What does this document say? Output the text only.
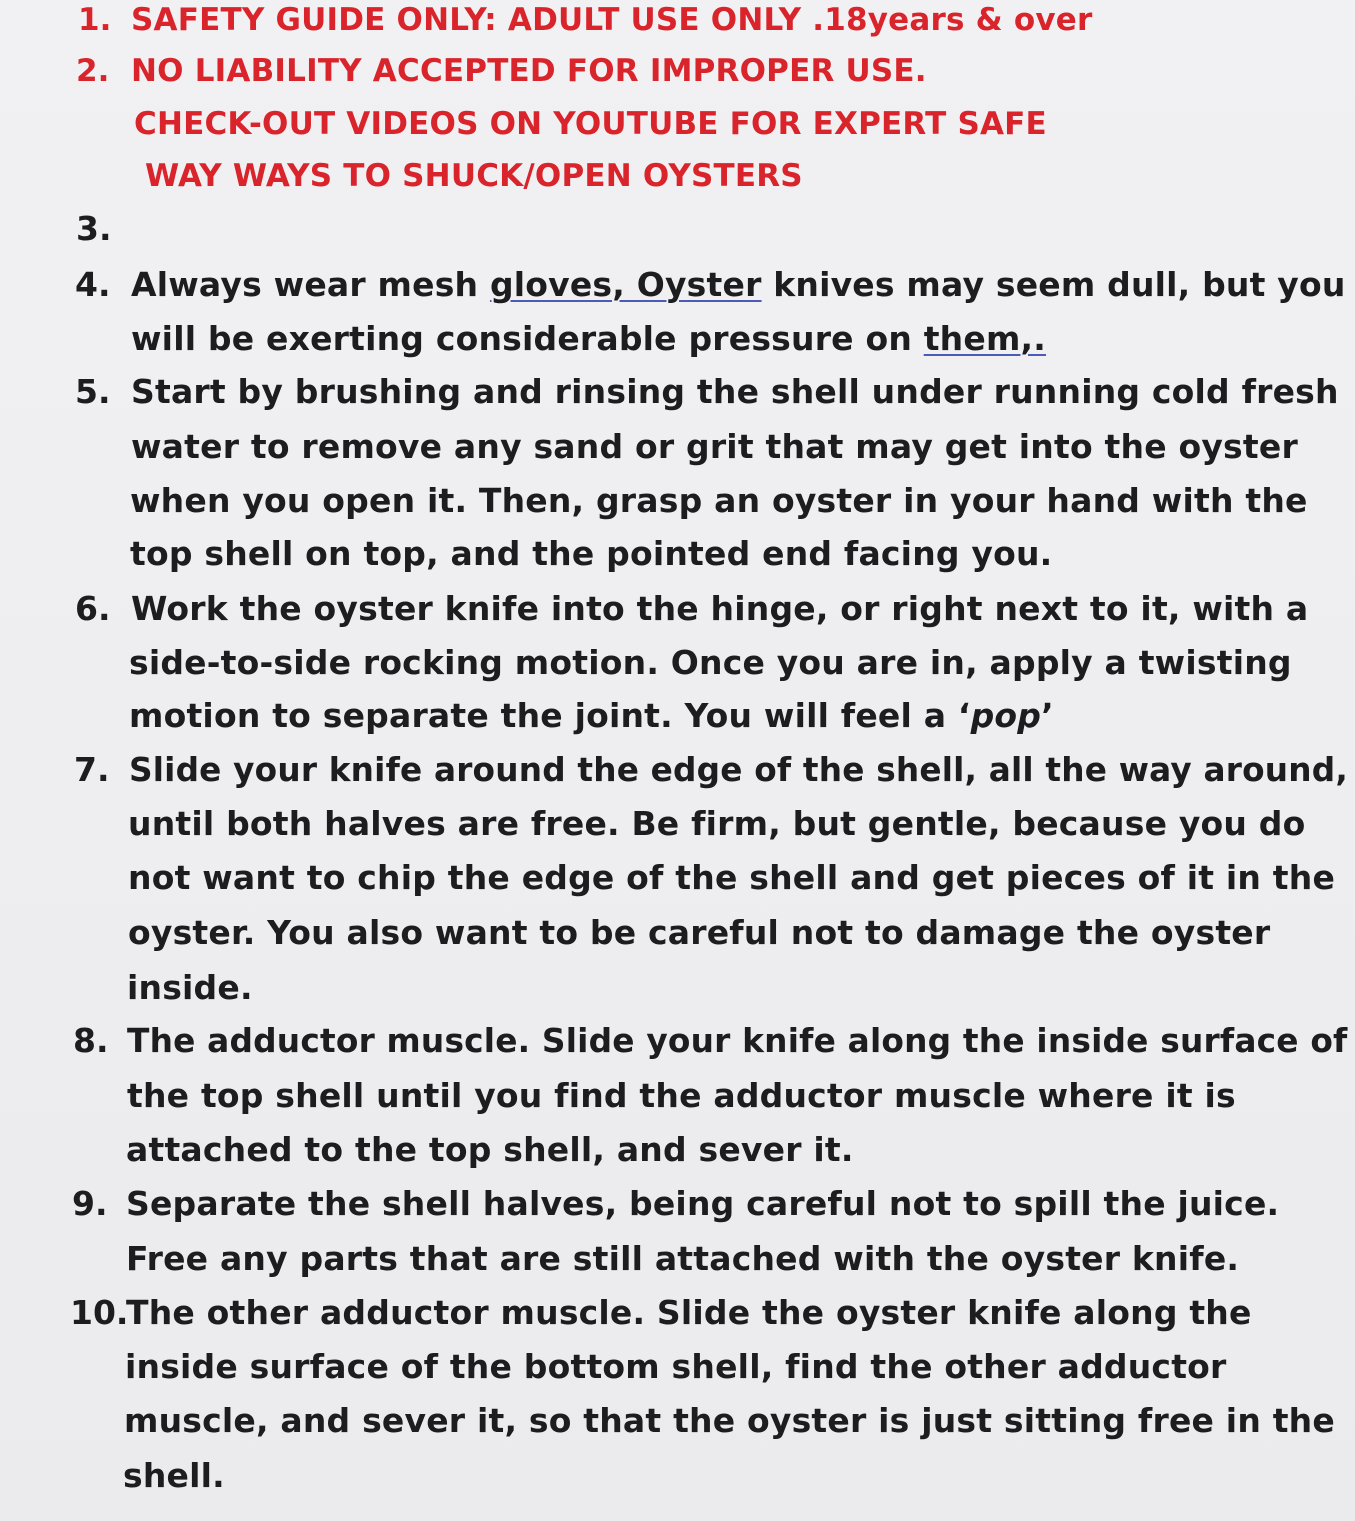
1. SAFETY GUIDE ONLY: ADULT USE ONLY .18years & over
2. NO LIABILITY ACCEPTED FOR IMPROPER USE.
CHECK-OUT VIDEOS ON YOUTUBE FOR EXPERT SAFE
WAY WAYS TO SHUCK/OPEN OYSTERS
3.
4. Always wear mesh gloves, Oyster knives may seem dull, but you
will be exerting considerable pressure on them,.
5. Start by brushing and rinsing the shell under running cold fresh
water to remove any sand or grit that may get into the oyster
when you open it. Then, grasp an oyster in your hand with the
top shell on top, and the pointed end facing you.
6. Work the oyster knife into the hinge, or right next to it, with a
side-to-side rocking motion. Once you are in, apply a twisting
motion to separate the joint. You will feel a ‘pop’
7. Slide your knife around the edge of the shell, all the way around,
until both halves are free. Be firm, but gentle, because you do
not want to chip the edge of the shell and get pieces of it in the
oyster. You also want to be careful not to damage the oyster
inside.
8. The adductor muscle. Slide your knife along the inside surface of
the top shell until you find the adductor muscle where it is
attached to the top shell, and sever it.
9. Separate the shell halves, being careful not to spill the juice.
Free any parts that are still attached with the oyster knife.
10.
The other adductor muscle. Slide the oyster knife along the
inside surface of the bottom shell, find the other adductor
muscle, and sever it, so that the oyster is just sitting free in the
shell.
